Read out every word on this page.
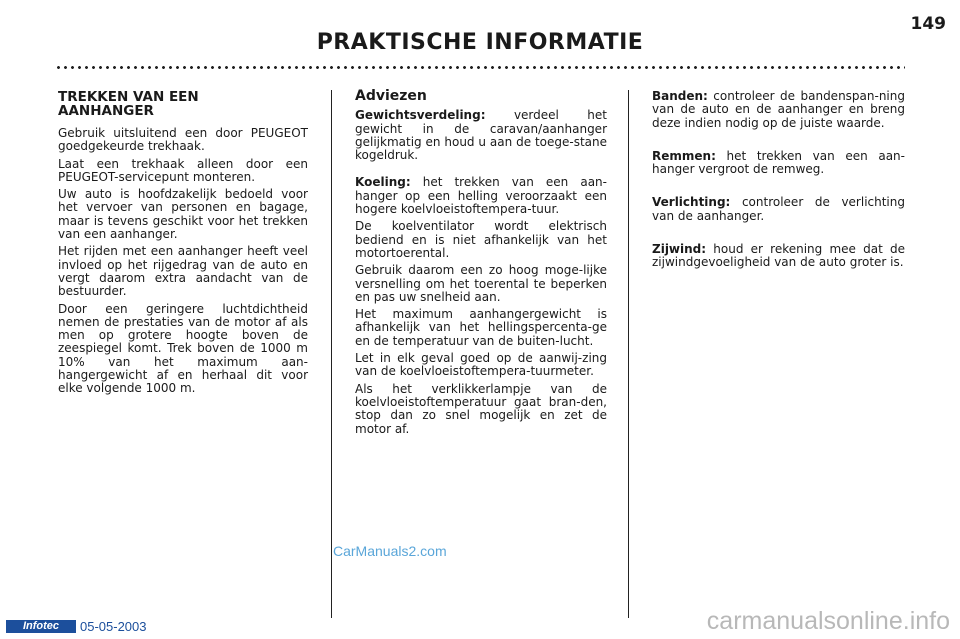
149
PRAKTISCHE INFORMATIE
TREKKEN VAN EEN AANHANGER

Gebruik uitsluitend een door PEUGEOT goedgekeurde trekhaak.

Laat een trekhaak alleen door een PEUGEOT-servicepunt monteren.

Uw auto is hoofdzakelijk bedoeld voor het vervoer van personen en bagage, maar is tevens geschikt voor het trekken van een aanhanger.

Het rijden met een aanhanger heeft veel invloed op het rijgedrag van de auto en vergt daarom extra aandacht van de bestuurder.

Door een geringere luchtdichtheid nemen de prestaties van de motor af als men op grotere hoogte boven de zeespiegel komt. Trek boven de 1000 m 10% van het maximum aan-hangergewicht af en herhaal dit voor elke volgende 1000 m.

Adviezen

Gewichtsverdeling: verdeel het gewicht in de caravan/aanhanger gelijkmatig en houd u aan de toege-stane kogeldruk.

Koeling: het trekken van een aan-hanger op een helling veroorzaakt een hogere koelvloeistoftempera-tuur.

De koelventilator wordt elektrisch bediend en is niet afhankelijk van het motortoerental.

Gebruik daarom een zo hoog moge-lijke versnelling om het toerental te beperken en pas uw snelheid aan.

Het maximum aanhangergewicht is afhankelijk van het hellingspercenta-ge en de temperatuur van de buiten-lucht.

Let in elk geval goed op de aanwij-zing van de koelvloeistoftempera-tuurmeter.

Als het verklikkerlampje van de koelvloeistoftemperatuur gaat bran-den, stop dan zo snel mogelijk en zet de motor af.

Banden: controleer de bandenspan-ning van de auto en de aanhanger en breng deze indien nodig op de juiste waarde.

Remmen: het trekken van een aan-hanger vergroot de remweg.

Verlichting: controleer de verlichting van de aanhanger.

Zijwind: houd er rekening mee dat de zijwindgevoeligheid van de auto groter is.

CarManuals2.com
Infotec	05-05-2003	carmanualsonline.info
